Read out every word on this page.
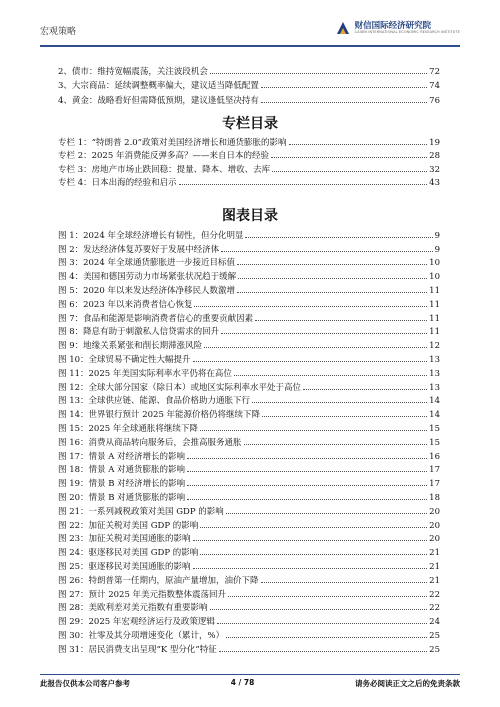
宏观策略
财信国际经济研究院
CAIXIN INTERNATIONAL ECONOMIC RESEARCH INSTITUTE
2、债市：维持宽幅震荡，关注波段机会	72
3、大宗商品：延续调整概率偏大，建议适当降低配置	74
4、黄金：战略看好但需降低预期，建议逢低坚决持有	76
专栏目录
专栏 1：“特朗普 2.0”政策对美国经济增长和通货膨胀的影响	19
专栏 2：2025 年消费能反弹多高？——来自日本的经验	28
专栏 3：房地产市场止跌回稳：提量、降本、增收、去库	32
专栏 4：日本出海的经验和启示	43
图表目录
图 1：2024 年全球经济增长有韧性，但分化明显	9
图 2：发达经济体复苏要好于发展中经济体	9
图 3：2024 年全球通货膨胀进一步接近目标值	10
图 4：美国和德国劳动力市场紧张状况趋于缓解	10
图 5：2020 年以来发达经济体净移民人数激增	11
图 6：2023 年以来消费者信心恢复	11
图 7：食品和能源是影响消费者信心的重要贡献因素	11
图 8：降息有助于刺激私人信贷需求的回升	11
图 9：地缘关系紧张和削长期滞涨风险	12
图 10：全球贸易不确定性大幅提升	13
图 11：2025 年美国实际利率水平仍将在高位	13
图 12：全球大部分国家（除日本）或地区实际利率水平处于高位	13
图 13：全球供应链、能源、食品价格助力通胀下行	14
图 14：世界银行预计 2025 年能源价格仍将继续下降	14
图 15：2025 年全球通胀将继续下降	15
图 16：消费从商品转向服务后，会推高服务通胀	15
图 17：情景 A 对经济增长的影响	16
图 18：情景 A 对通货膨胀的影响	17
图 19：情景 B 对经济增长的影响	17
图 20：情景 B 对通货膨胀的影响	18
图 21：一系列减税政策对美国 GDP 的影响	20
图 22：加征关税对美国 GDP 的影响	20
图 23：加征关税对美国通胀的影响	20
图 24：驱逐移民对美国 GDP 的影响	21
图 25：驱逐移民对美国通胀的影响	21
图 26：特朗普第一任期内，原油产量增加，油价下降	21
图 27：预计 2025 年美元指数整体震荡回升	22
图 28：美欧利差对美元指数有重要影响	22
图 29：2025 年宏观经济运行及政策逻辑	24
图 30：社零及其分项增速变化（累计，%）	25
图 31：居民消费支出呈现“K 型分化”特征	25
此报告仅供本公司客户参考	4 / 78	请务必阅读正文之后的免责条款
